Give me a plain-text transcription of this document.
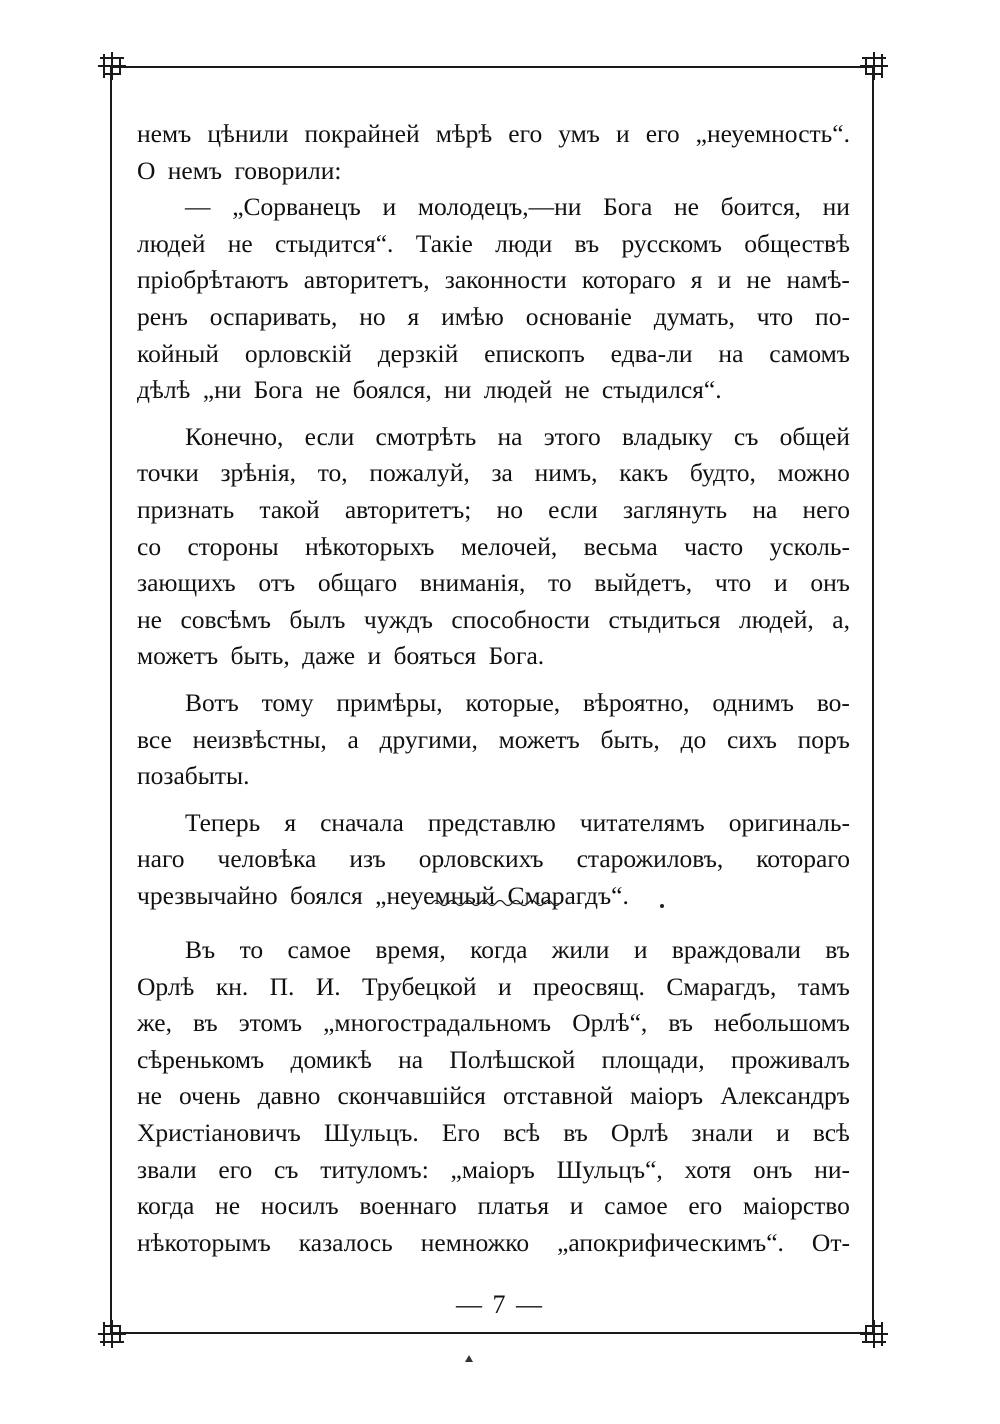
немъ цѣнили покрайней мѣрѣ его умъ и его „неуемность“.
О немъ говорили:
— „Сорванецъ и молодецъ,—ни Бога не боится, ни
людей не стыдится“. Такіе люди въ русскомъ обществѣ
пріобрѣтаютъ авторитетъ, законности котораго я и не намѣ-
ренъ оспаривать, но я имѣю основаніе думать, что по-
койный орловскій дерзкій епископъ едва-ли на самомъ
дѣлѣ „ни Бога не боялся, ни людей не стыдился“.
Конечно, если смотрѣть на этого владыку съ общей
точки зрѣнія, то, пожалуй, за нимъ, какъ будто, можно
признать такой авторитетъ; но если заглянуть на него
со стороны нѣкоторыхъ мелочей, весьма часто усколь-
зающихъ отъ общаго вниманія, то выйдетъ, что и онъ
не совсѣмъ былъ чуждъ способности стыдиться людей, а,
можетъ быть, даже и бояться Бога.
Вотъ тому примѣры, которые, вѣроятно, однимъ во-
все неизвѣстны, а другими, можетъ быть, до сихъ поръ
позабыты.
Теперь я сначала представлю читателямъ оригиналь-
наго человѣка изъ орловскихъ старожиловъ, котораго
чрезвычайно боялся „неуемный Смарагдъ“.
Въ то самое время, когда жили и враждовали въ
Орлѣ кн. П. И. Трубецкой и преосвящ. Смарагдъ, тамъ
же, въ этомъ „многострадальномъ Орлѣ“, въ небольшомъ
сѣренькомъ домикѣ на Полѣшской площади, проживалъ
не очень давно скончавшійся отставной маіоръ Александръ
Христіановичъ Шульцъ. Его всѣ въ Орлѣ знали и всѣ
звали его съ титуломъ: „маіоръ Шульцъ“, хотя онъ ни-
когда не носилъ военнаго платья и самое его маіорство
нѣкоторымъ казалось немножко „апокрифическимъ“. От-
— 7 —
